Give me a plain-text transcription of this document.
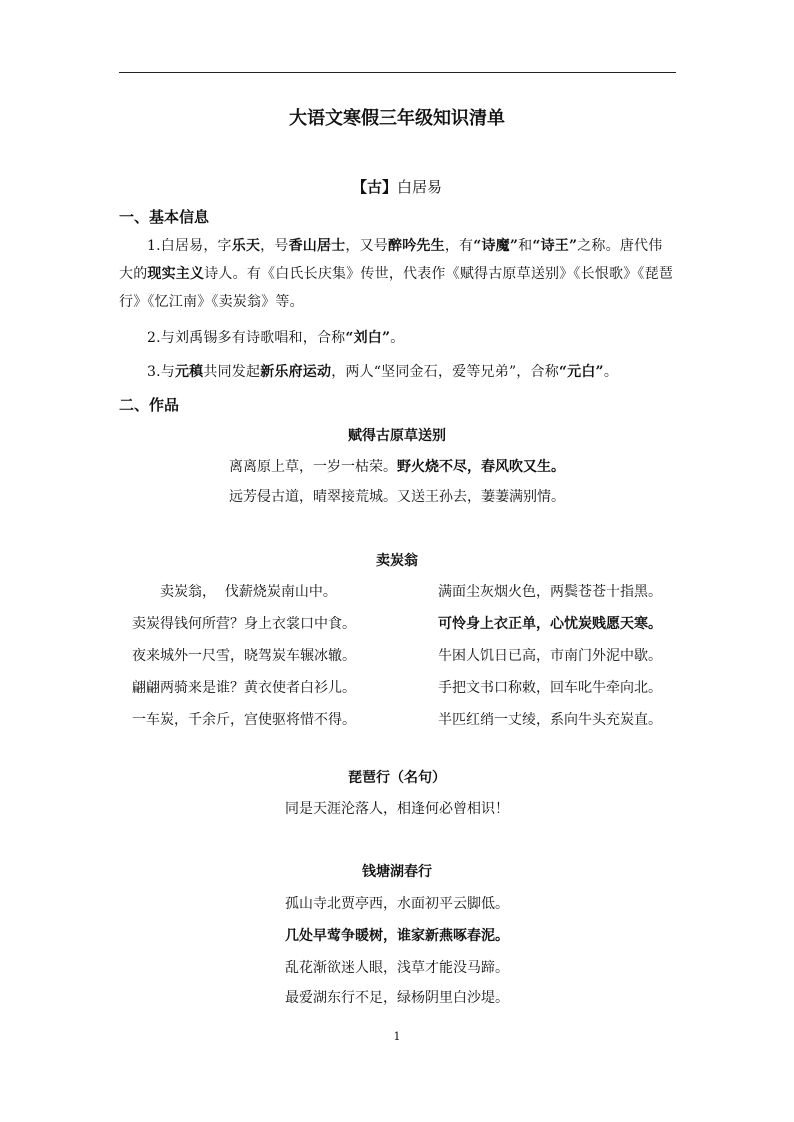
大语文寒假三年级知识清单
【古】白居易
一、基本信息
1.白居易，字乐天，号香山居士，又号醉吟先生，有“诗魔”和“诗王”之称。唐代伟大的现实主义诗人。有《白氏长庆集》传世，代表作《赋得古原草送别》《长恨歌》《琵琶行》《忆江南》《卖炭翁》等。
2.与刘禹锡多有诗歌唱和，合称“刘白”。
3.与元稹共同发起新乐府运动，两人“坚同金石，爱等兄弟”，合称“元白”。
二、作品
赋得古原草送别
离离原上草，一岁一枯荣。野火烧不尽，春风吹又生。
远芳侵古道，晴翠接荒城。又送王孙去，萋萋满别情。
卖炭翁
卖炭翁，  伐薪烧炭南山中。	满面尘灰烟火色，两鬓苍苍十指黑。
卖炭得钱何所营？身上衣裳口中食。	可怜身上衣正单，心忧炭贱愿天寒。
夜来城外一尺雪，晓驾炭车辗冰辙。	牛困人饥日已高，市南门外泥中歇。
翩翩两骑来是谁？黄衣使者白衫儿。	手把文书口称敕，回车叱牛牵向北。
一车炭，千余斤，宫使驱将惜不得。	半匹红绡一丈绫，系向牛头充炭直。
琵琶行（名句）
同是天涯沦落人，相逢何必曾相识！
钱塘湖春行
孤山寺北贾亭西，水面初平云脚低。
几处早莺争暖树，谁家新燕啄春泥。
乱花渐欲迷人眼，浅草才能没马蹄。
最爱湖东行不足，绿杨阴里白沙堤。
1
